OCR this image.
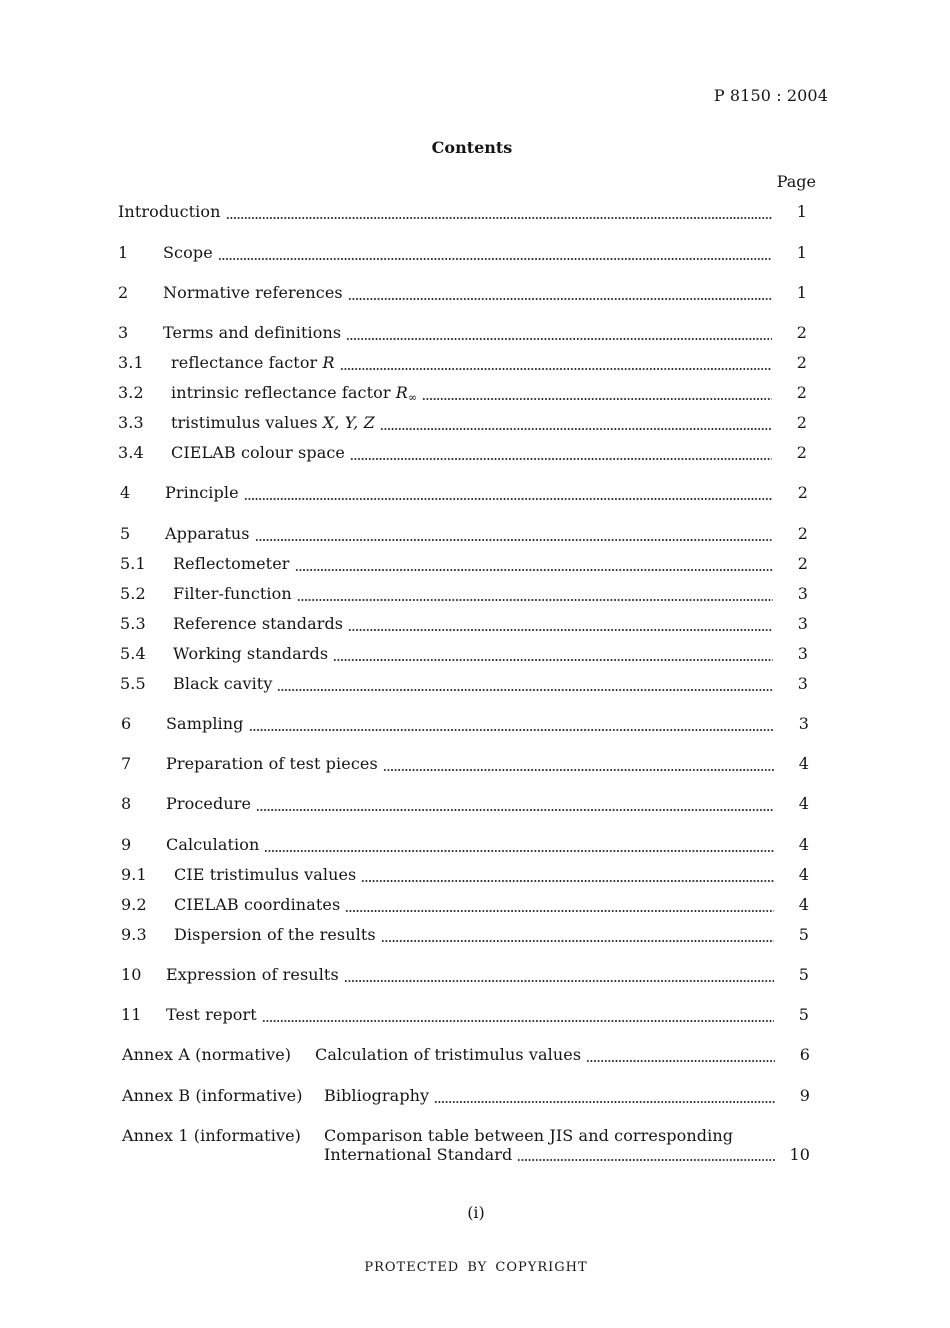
P 8150 : 2004
Contents
Page
Introduction	1
1	Scope	1
2	Normative references	1
3	Terms and definitions	2
3.1	reflectance factor R	2
3.2	intrinsic reflectance factor $R_\infty$	2
3.3	tristimulus values X, Y, Z	2
3.4	CIELAB colour space	2
4	Principle	2
5	Apparatus	2
5.1	Reflectometer	2
5.2	Filter-function	3
5.3	Reference standards	3
5.4	Working standards	3
5.5	Black cavity	3
6	Sampling	3
7	Preparation of test pieces	4
8	Procedure	4
9	Calculation	4
9.1	CIE tristimulus values	4
9.2	CIELAB coordinates	4
9.3	Dispersion of the results	5
10	Expression of results	5
11	Test report	5
Annex A (normative)	Calculation of tristimulus values	6
Annex B (informative)	Bibliography	9
Annex 1 (informative)	Comparison table between JIS and corresponding
International Standard	10
(i)
PROTECTED BY COPYRIGHT
